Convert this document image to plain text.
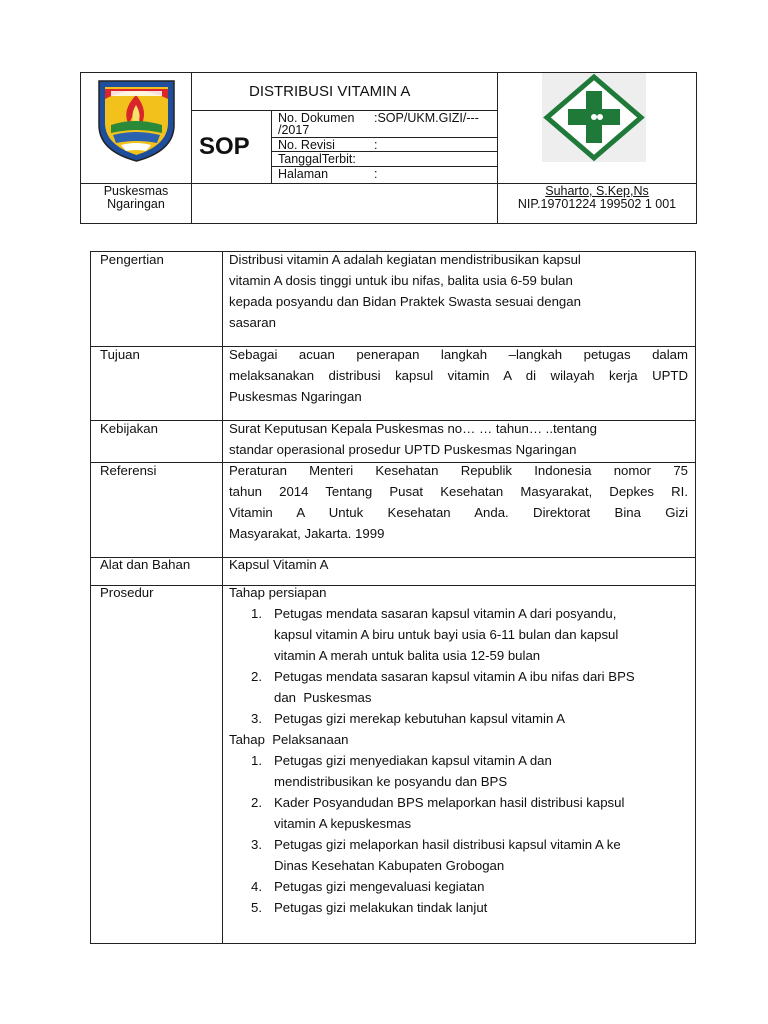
DISTRIBUSI VITAMIN A
SOP
No. Dokumen :SOP/UKM.GIZI/---
/2017
No. Revisi	:
TanggalTerbit:
Halaman	:
Puskesmas
Ngaringan
Suharto, S.Kep,Ns
NIP.19701224 199502 1 001
Pengertian	Distribusi vitamin A adalah kegiatan mendistribusikan kapsul
vitamin A dosis tinggi untuk ibu nifas, balita usia 6-59 bulan
kepada posyandu dan Bidan Praktek Swasta sesuai dengan
sasaran
Tujuan	Sebagai acuan penerapan langkah –langkah petugas dalam
melaksanakan distribusi kapsul vitamin A di wilayah kerja UPTD
Puskesmas Ngaringan
Kebijakan	Surat Keputusan Kepala Puskesmas no… … tahun… ..tentang
standar operasional prosedur UPTD Puskesmas Ngaringan
Referensi	Peraturan Menteri Kesehatan Republik Indonesia nomor 75
tahun 2014 Tentang Pusat Kesehatan Masyarakat, Depkes RI.
Vitamin A Untuk Kesehatan Anda. Direktorat Bina Gizi
Masyarakat, Jakarta. 1999
Alat dan Bahan	Kapsul Vitamin A
Prosedur	Tahap persiapan
1. Petugas mendata sasaran kapsul vitamin A dari posyandu,
kapsul vitamin A biru untuk bayi usia 6-11 bulan dan kapsul
vitamin A merah untuk balita usia 12-59 bulan
2. Petugas mendata sasaran kapsul vitamin A ibu nifas dari BPS
dan  Puskesmas
3. Petugas gizi merekap kebutuhan kapsul vitamin A
Tahap  Pelaksanaan
1. Petugas gizi menyediakan kapsul vitamin A dan
mendistribusikan ke posyandu dan BPS
2. Kader Posyandudan BPS melaporkan hasil distribusi kapsul
vitamin A kepuskesmas
3. Petugas gizi melaporkan hasil distribusi kapsul vitamin A ke
Dinas Kesehatan Kabupaten Grobogan
4. Petugas gizi mengevaluasi kegiatan
5. Petugas gizi melakukan tindak lanjut
